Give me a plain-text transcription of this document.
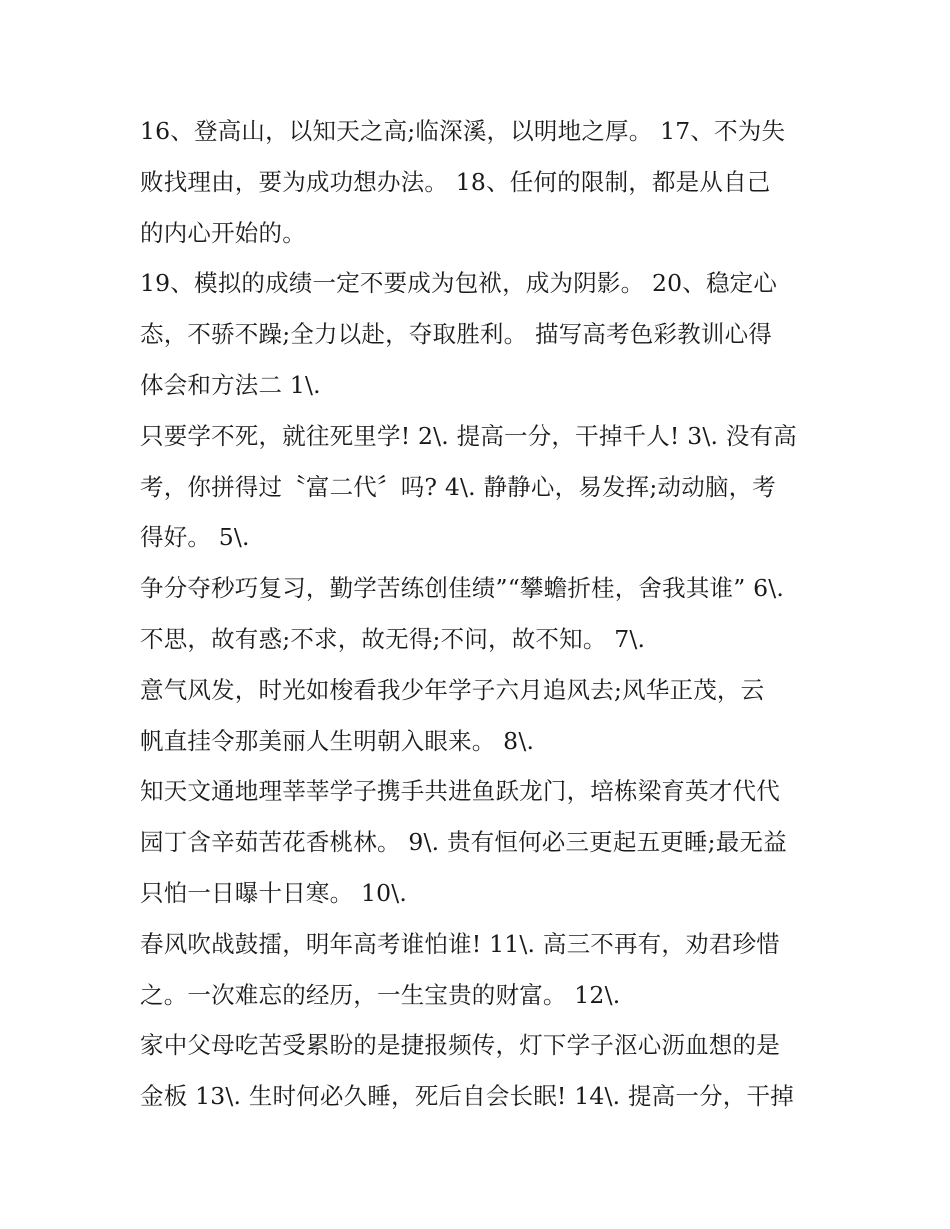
16、登高山，以知天之高;临深溪，以明地之厚。 17、不为失
败找理由，要为成功想办法。 18、任何的限制，都是从自己
的内心开始的。
19、模拟的成绩一定不要成为包袱，成为阴影。 20、稳定心
态，不骄不躁;全力以赴，夺取胜利。 描写高考色彩教训心得
体会和方法二 1\.
只要学不死，就往死里学! 2\. 提高一分，干掉千人! 3\. 没有高
考，你拼得过〝富二代〞吗? 4\. 静静心，易发挥;动动脑，考
得好。 5\.
争分夺秒巧复习，勤学苦练创佳绩”“攀蟾折桂，舍我其谁” 6\.
不思，故有惑;不求，故无得;不问，故不知。 7\.
意气风发，时光如梭看我少年学子六月追风去;风华正茂，云
帆直挂令那美丽人生明朝入眼来。 8\.
知天文通地理莘莘学子携手共进鱼跃龙门，培栋梁育英才代代
园丁含辛茹苦花香桃林。 9\. 贵有恒何必三更起五更睡;最无益
只怕一日曝十日寒。 10\.
春风吹战鼓擂，明年高考谁怕谁! 11\. 高三不再有，劝君珍惜
之。一次难忘的经历，一生宝贵的财富。 12\.
家中父母吃苦受累盼的是捷报频传，灯下学子沤心沥血想的是
金板 13\. 生时何必久睡，死后自会长眠! 14\. 提高一分，干掉
